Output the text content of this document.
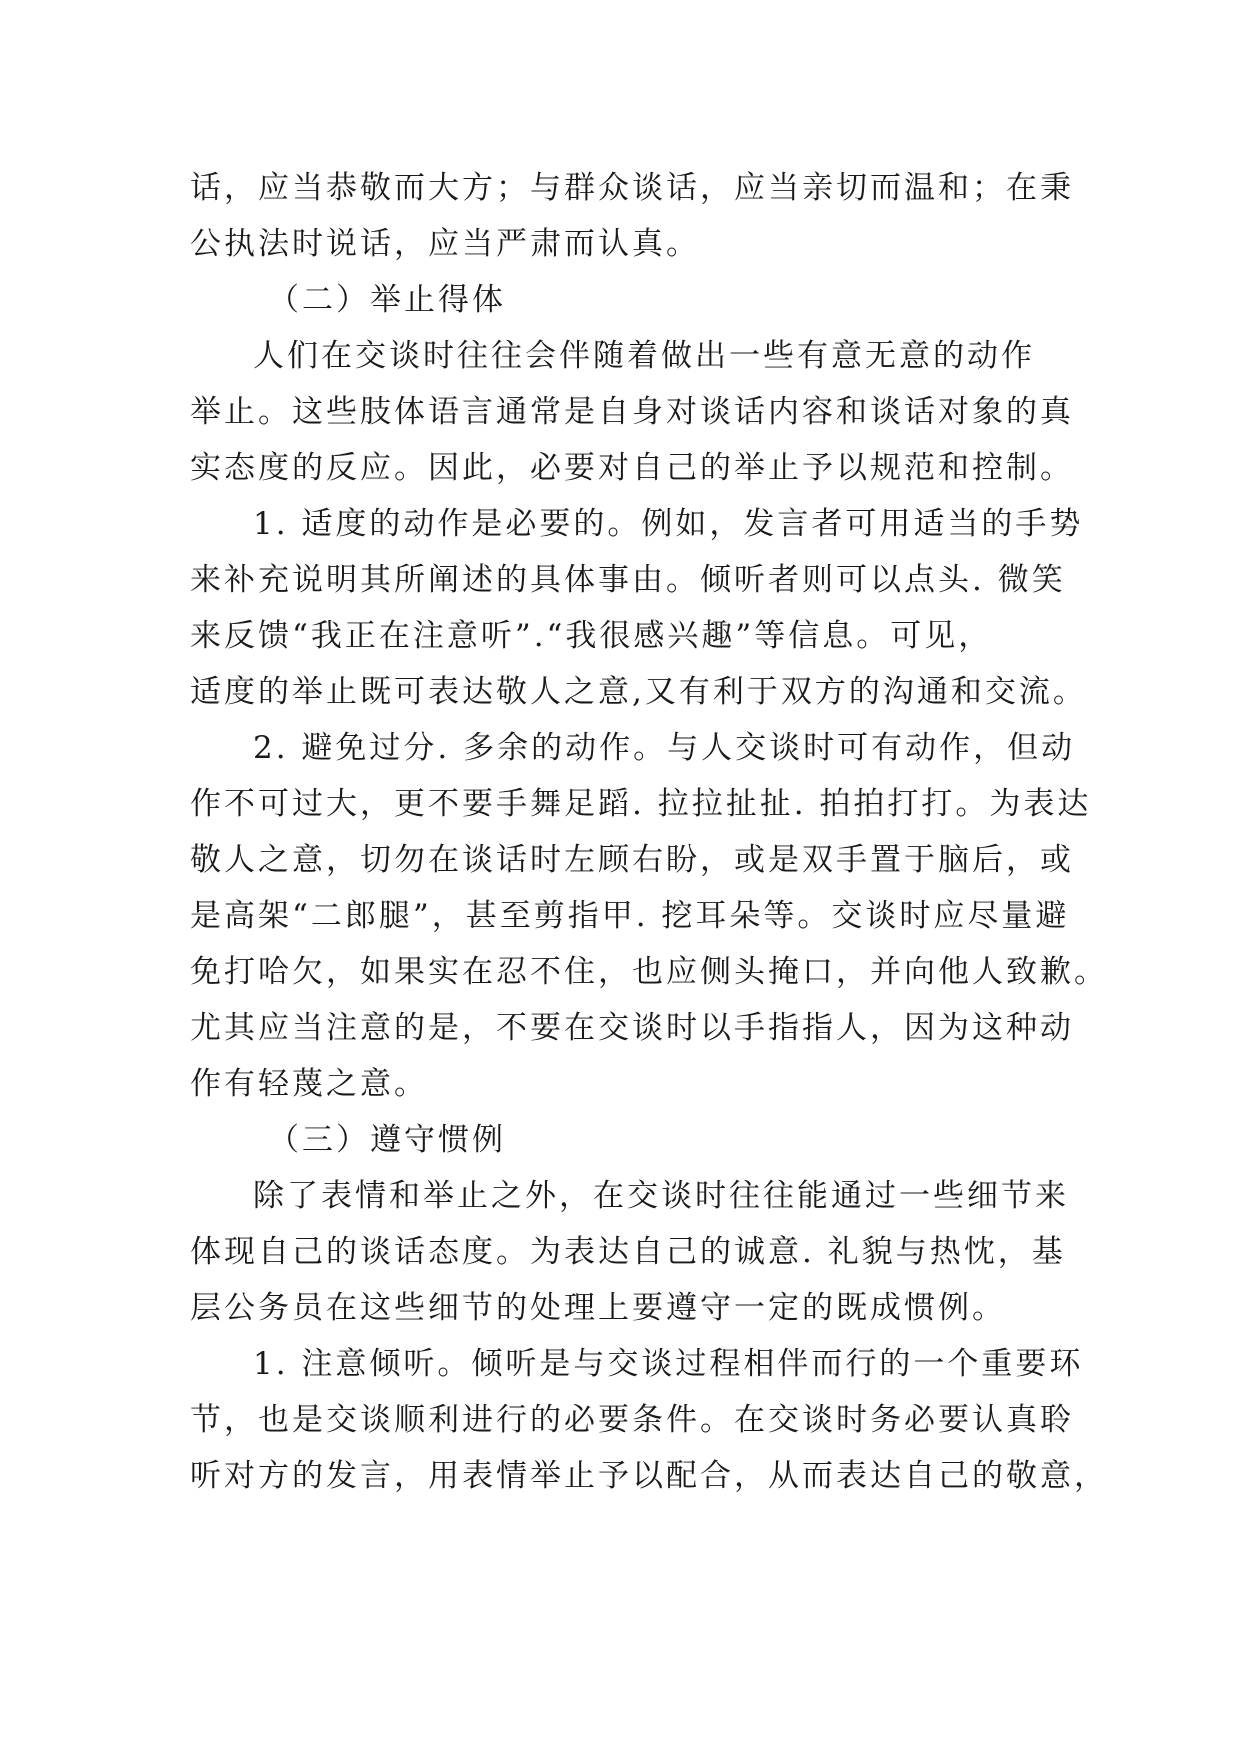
话，应当恭敬而大方；与群众谈话，应当亲切而温和；在秉
公执法时说话，应当严肃而认真。
（二）举止得体
人们在交谈时往往会伴随着做出一些有意无意的动作
举止。这些肢体语言通常是自身对谈话内容和谈话对象的真
实态度的反应。因此，必要对自己的举止予以规范和控制。
1. 适度的动作是必要的。例如，发言者可用适当的手势
来补充说明其所阐述的具体事由。倾听者则可以点头. 微笑
来反馈“我正在注意听”.“我很感兴趣”等信息。可见，
适度的举止既可表达敬人之意,又有利于双方的沟通和交流。
2. 避免过分. 多余的动作。与人交谈时可有动作，但动
作不可过大，更不要手舞足蹈. 拉拉扯扯. 拍拍打打。为表达
敬人之意，切勿在谈话时左顾右盼，或是双手置于脑后，或
是高架“二郎腿”，甚至剪指甲. 挖耳朵等。交谈时应尽量避
免打哈欠，如果实在忍不住，也应侧头掩口，并向他人致歉。
尤其应当注意的是，不要在交谈时以手指指人，因为这种动
作有轻蔑之意。
（三）遵守惯例
除了表情和举止之外，在交谈时往往能通过一些细节来
体现自己的谈话态度。为表达自己的诚意. 礼貌与热忱，基
层公务员在这些细节的处理上要遵守一定的既成惯例。
1. 注意倾听。倾听是与交谈过程相伴而行的一个重要环
节，也是交谈顺利进行的必要条件。在交谈时务必要认真聆
听对方的发言，用表情举止予以配合，从而表达自己的敬意，
